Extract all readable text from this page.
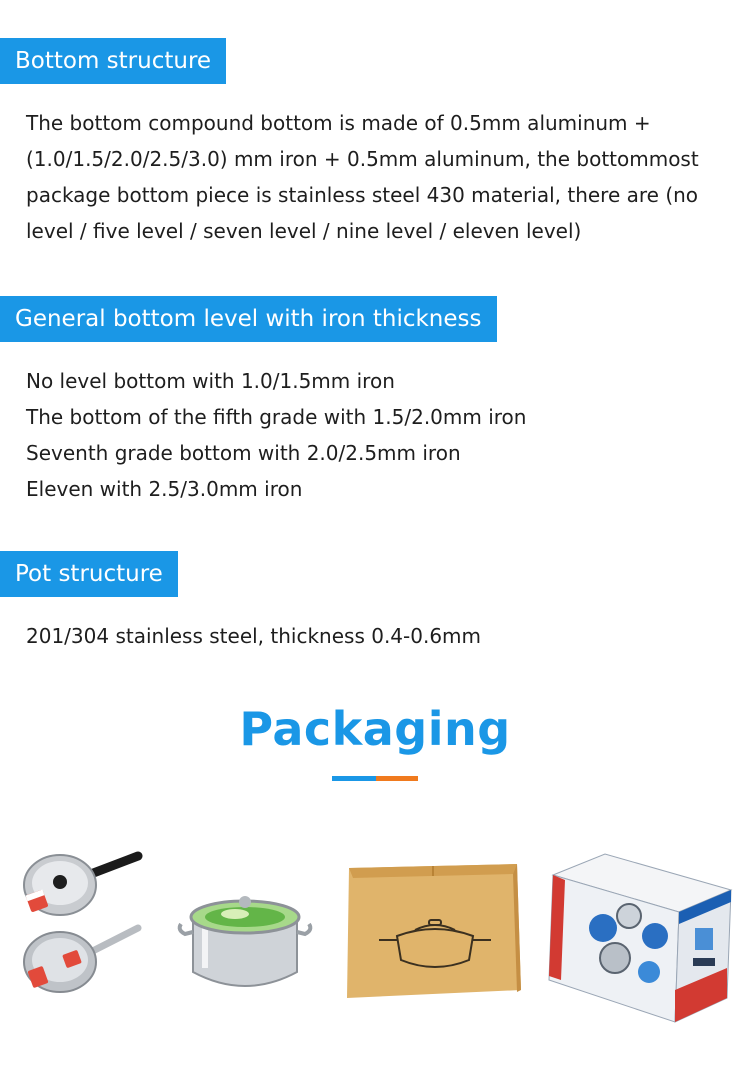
Bottom structure
The bottom compound bottom is made of 0.5mm aluminum +
(1.0/1.5/2.0/2.5/3.0) mm iron + 0.5mm aluminum, the bottommost
package bottom piece is stainless steel 430 material, there are (no
level / five level / seven level / nine level / eleven level)
General bottom level with iron thickness
No level bottom with 1.0/1.5mm iron
The bottom of the fifth grade with 1.5/2.0mm iron
Seventh grade bottom with 2.0/2.5mm iron
Eleven with 2.5/3.0mm iron
Pot structure
201/304 stainless steel, thickness 0.4-0.6mm
Packaging
